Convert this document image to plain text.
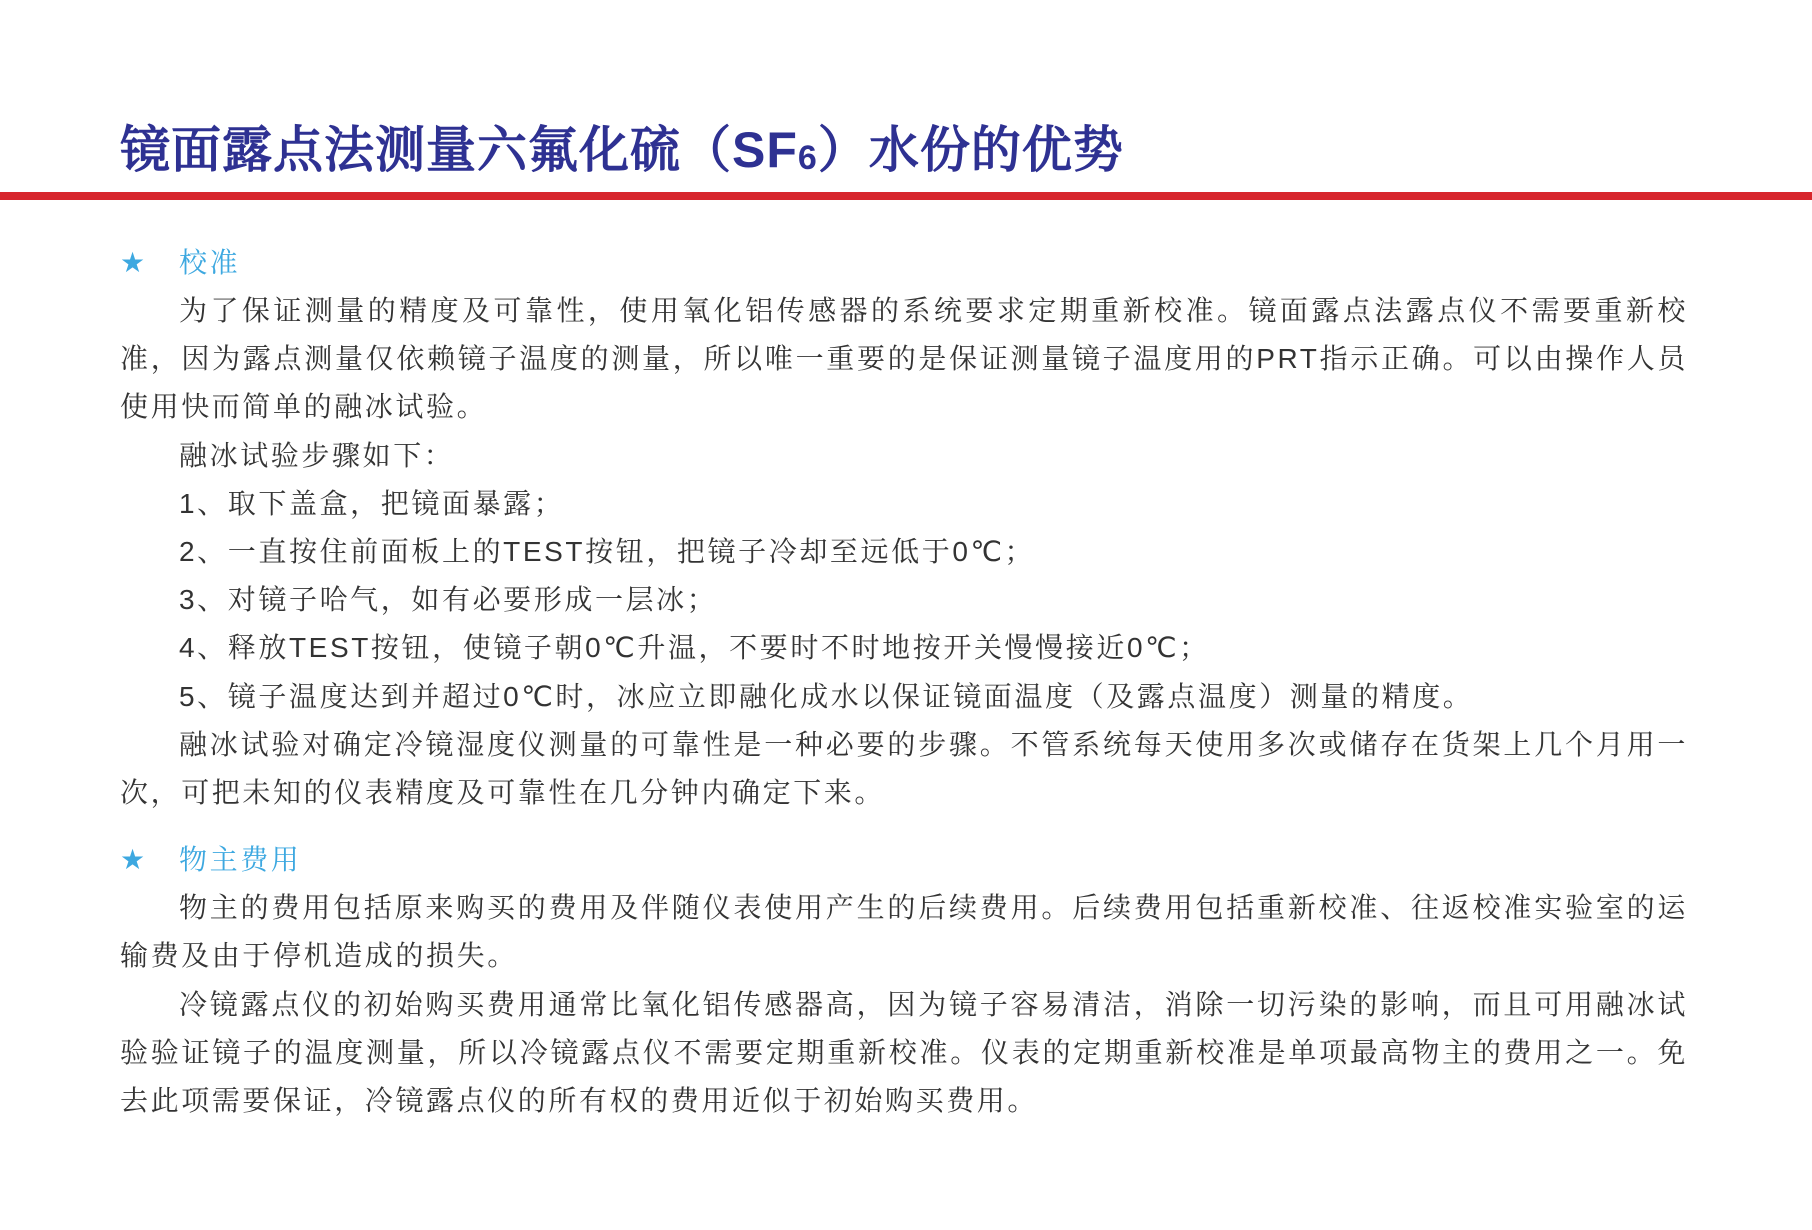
镜面露点法测量六氟化硫（SF6）水份的优势
★ 校准

为了保证测量的精度及可靠性，使用氧化铝传感器的系统要求定期重新校准。镜面露点法露点仪不需要重新校准，因为露点测量仅依赖镜子温度的测量，所以唯一重要的是保证测量镜子温度用的PRT指示正确。可以由操作人员使用快而简单的融冰试验。

融冰试验步骤如下：

1、取下盖盒，把镜面暴露；

2、一直按住前面板上的TEST按钮，把镜子冷却至远低于0℃；

3、对镜子哈气，如有必要形成一层冰；

4、释放TEST按钮，使镜子朝0℃升温，不要时不时地按开关慢慢接近0℃；

5、镜子温度达到并超过0℃时，冰应立即融化成水以保证镜面温度（及露点温度）测量的精度。

融冰试验对确定冷镜湿度仪测量的可靠性是一种必要的步骤。不管系统每天使用多次或储存在货架上几个月用一次，可把未知的仪表精度及可靠性在几分钟内确定下来。

★ 物主费用

物主的费用包括原来购买的费用及伴随仪表使用产生的后续费用。后续费用包括重新校准、往返校准实验室的运输费及由于停机造成的损失。

冷镜露点仪的初始购买费用通常比氧化铝传感器高，因为镜子容易清洁，消除一切污染的影响，而且可用融冰试验验证镜子的温度测量，所以冷镜露点仪不需要定期重新校准。仪表的定期重新校准是单项最高物主的费用之一。免去此项需要保证，冷镜露点仪的所有权的费用近似于初始购买费用。
